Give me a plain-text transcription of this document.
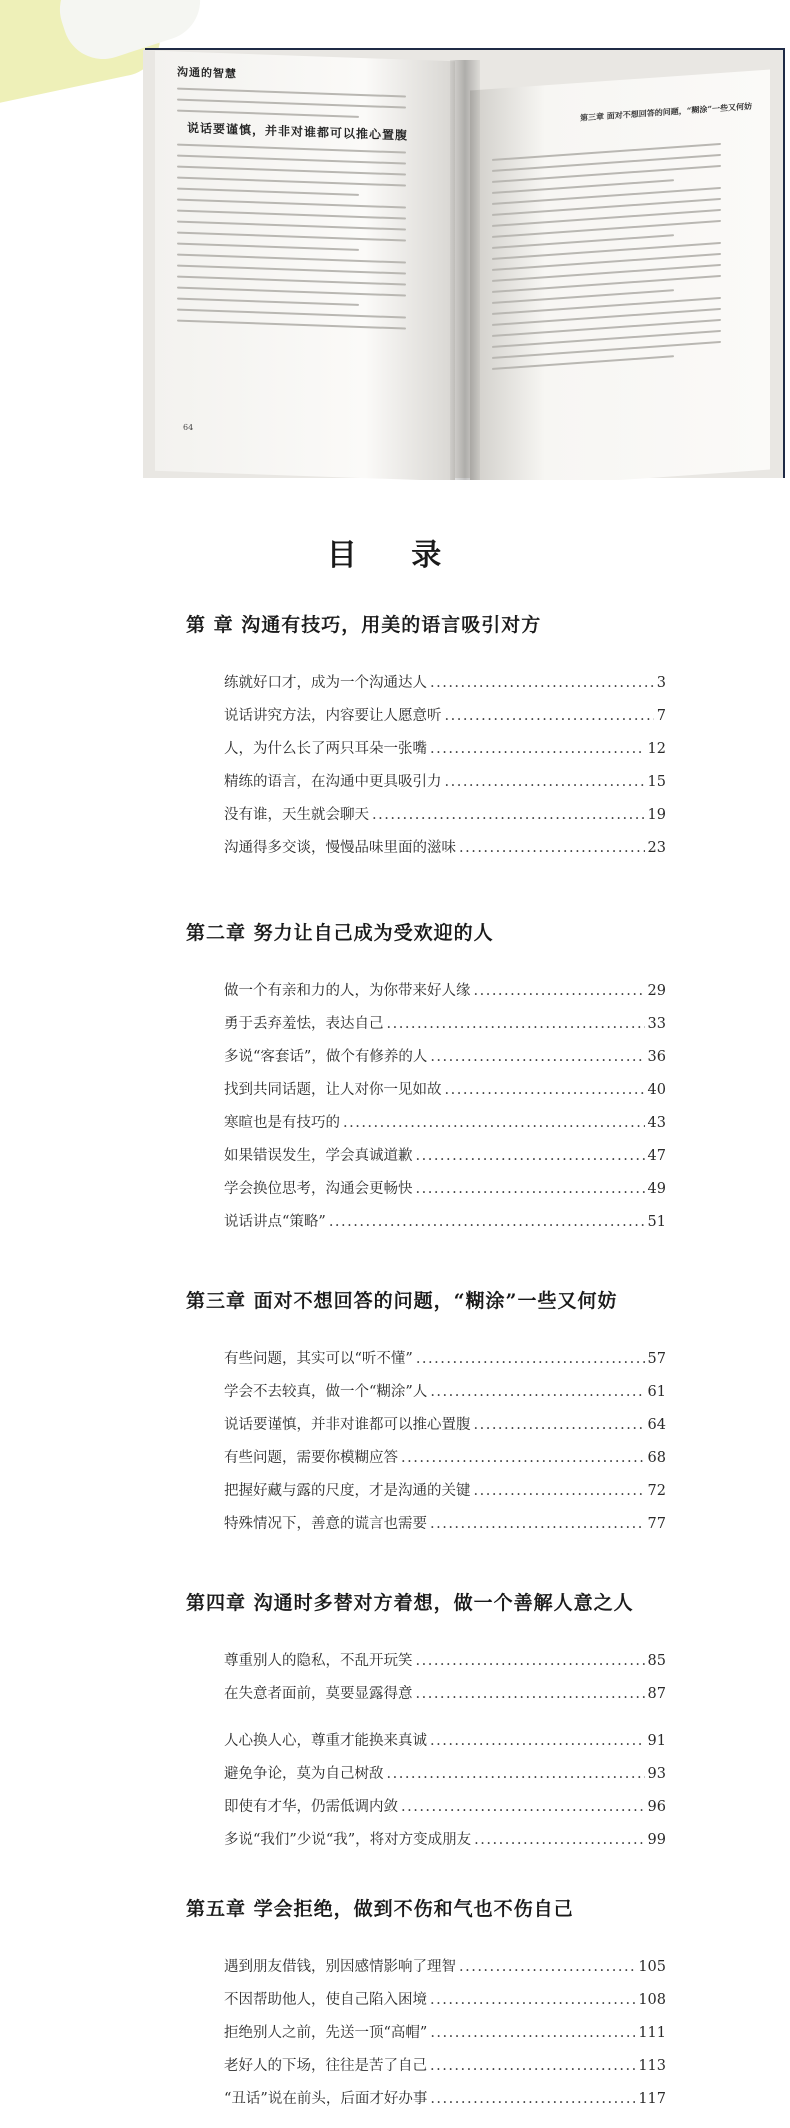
沟通的智慧
说话要谨慎，并非对谁都可以推心置腹
64
第三章 面对不想回答的问题，“糊涂”一些又何妨
目 录
第 章 沟通有技巧，用美的语言吸引对方
练就好口才，成为一个沟通达人 .....	3
说话讲究方法，内容要让人愿意听 .....	7
人，为什么长了两只耳朵一张嘴 .....	12
精练的语言，在沟通中更具吸引力 .....	15
没有谁，天生就会聊天 .....	19
沟通得多交谈，慢慢品味里面的滋味 .....	23
第二章 努力让自己成为受欢迎的人
做一个有亲和力的人，为你带来好人缘 .....	29
勇于丢弃羞怯，表达自己 .....	33
多说“客套话”，做个有修养的人 .....	36
找到共同话题，让人对你一见如故 .....	40
寒暄也是有技巧的 .....	43
如果错误发生，学会真诚道歉 .....	47
学会换位思考，沟通会更畅快 .....	49
说话讲点“策略” .....	51
第三章 面对不想回答的问题，“糊涂”一些又何妨
有些问题，其实可以“听不懂” .....	57
学会不去较真，做一个“糊涂”人 .....	61
说话要谨慎，并非对谁都可以推心置腹 .....	64
有些问题，需要你模糊应答 .....	68
把握好藏与露的尺度，才是沟通的关键 .....	72
特殊情况下，善意的谎言也需要 .....	77
第四章 沟通时多替对方着想，做一个善解人意之人
尊重别人的隐私，不乱开玩笑 .....	85
在失意者面前，莫要显露得意 .....	87
人心换人心，尊重才能换来真诚 .....	91
避免争论，莫为自己树敌 .....	93
即使有才华，仍需低调内敛 .....	96
多说“我们”少说“我”，将对方变成朋友 .....	99
第五章 学会拒绝，做到不伤和气也不伤自己
遇到朋友借钱，别因感情影响了理智 .....	105
不因帮助他人，使自己陷入困境 .....	108
拒绝别人之前，先送一顶“高帽” .....	111
老好人的下场，往往是苦了自己 .....	113
“丑话”说在前头，后面才好办事 .....	117
